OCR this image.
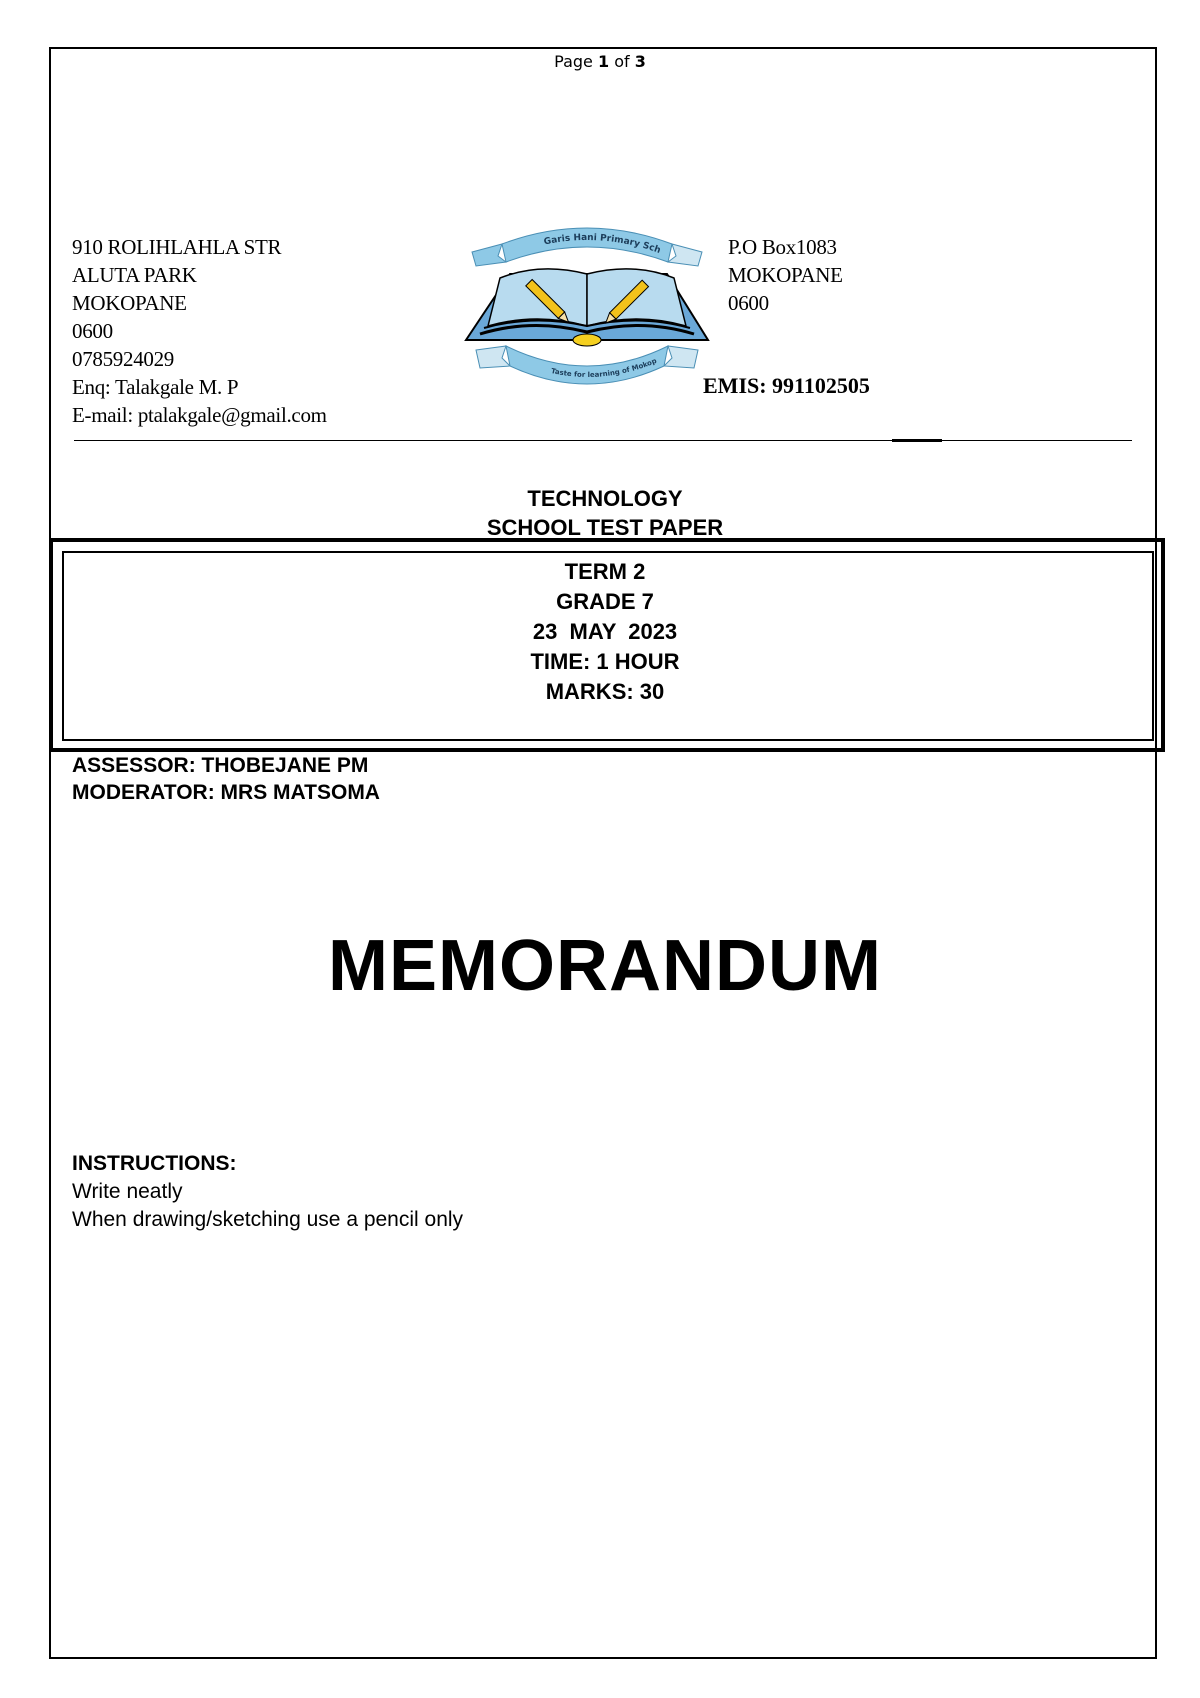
Page 1 of 3
910 ROLIHLAHLA STR
ALUTA PARK
MOKOPANE
0600
0785924029
Enq: Talakgale M. P
E-mail: ptalakgale@gmail.com
Garis Hani Primary Sch
Taste for learning of Mokop
P.O Box1083
MOKOPANE
0600
EMIS: 991102505
TECHNOLOGY
SCHOOL TEST PAPER
TERM 2
GRADE 7
23  MAY  2023
TIME: 1 HOUR
MARKS: 30
ASSESSOR: THOBEJANE PM
MODERATOR: MRS MATSOMA
MEMORANDUM
INSTRUCTIONS:
Write neatly
When drawing/sketching use a pencil only
